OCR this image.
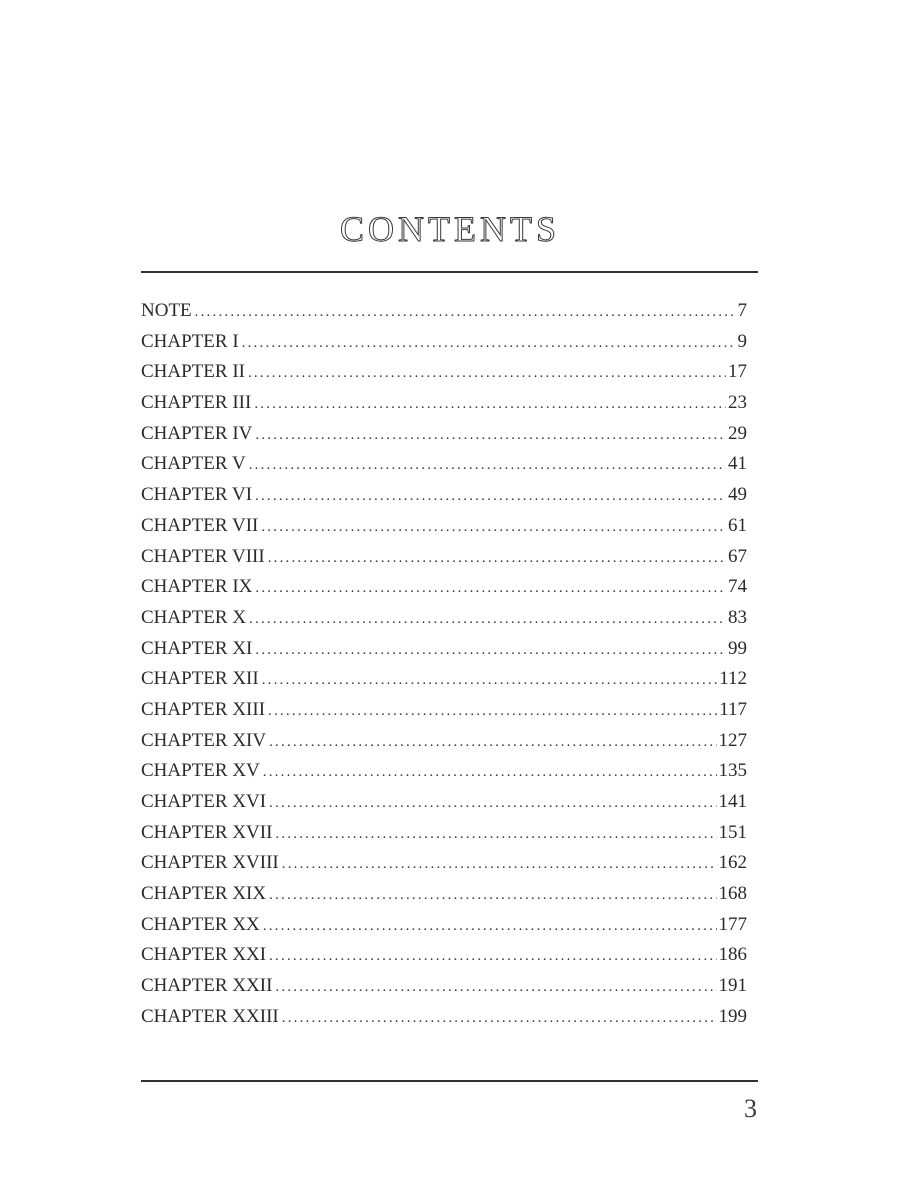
CONTENTS
NOTE .....	7
CHAPTER I .....	9
CHAPTER II .....	17
CHAPTER III .....	23
CHAPTER IV .....	29
CHAPTER V .....	41
CHAPTER VI .....	49
CHAPTER VII .....	61
CHAPTER VIII .....	67
CHAPTER IX .....	74
CHAPTER X .....	83
CHAPTER XI .....	99
CHAPTER XII .....	112
CHAPTER XIII .....	117
CHAPTER XIV .....	127
CHAPTER XV .....	135
CHAPTER XVI .....	141
CHAPTER XVII .....	151
CHAPTER XVIII .....	162
CHAPTER XIX .....	168
CHAPTER XX .....	177
CHAPTER XXI .....	186
CHAPTER XXII .....	191
CHAPTER XXIII .....	199
3
